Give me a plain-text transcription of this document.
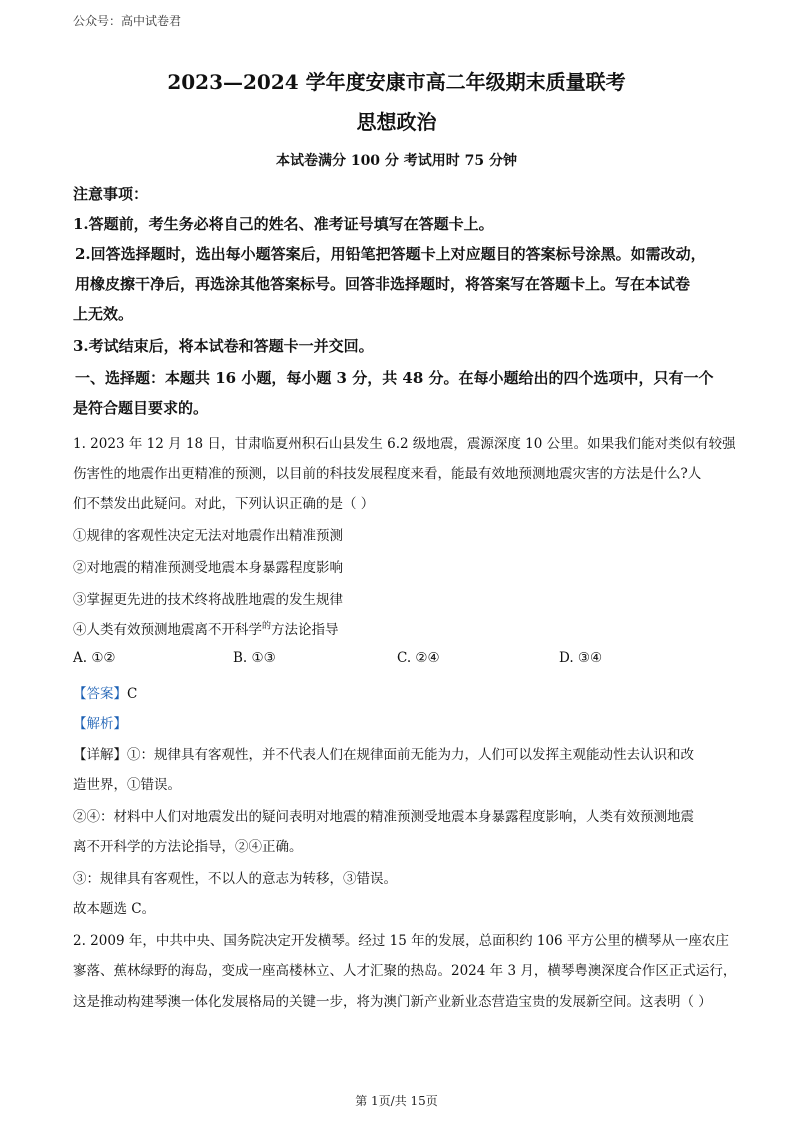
公众号：高中试卷君
2023—2024 学年度安康市高二年级期末质量联考
思想政治
本试卷满分 100 分 考试用时 75 分钟
注意事项：
1.答题前，考生务必将自己的姓名、准考证号填写在答题卡上。
2.回答选择题时，选出每小题答案后，用铅笔把答题卡上对应题目的答案标号涂黑。如需改动，
用橡皮擦干净后，再选涂其他答案标号。回答非选择题时，将答案写在答题卡上。写在本试卷
上无效。
3.考试结束后，将本试卷和答题卡一并交回。
一、选择题：本题共 16 小题，每小题 3 分，共 48 分。在每小题给出的四个选项中，只有一个
是符合题目要求的。
1. 2023 年 12 月 18 日，甘肃临夏州积石山县发生 6.2 级地震，震源深度 10 公里。如果我们能对类似有较强
伤害性的地震作出更精准的预测，以目前的科技发展程度来看，能最有效地预测地震灾害的方法是什么?人
们不禁发出此疑问。对此，下列认识正确的是（ ）
①规律的客观性决定无法对地震作出精准预测
②对地震的精准预测受地震本身暴露程度影响
③掌握更先进的技术终将战胜地震的发生规律
④人类有效预测地震离不开科学$^的$方法论指导
A. ①②	B. ①③	C. ②④	D. ③④
【答案】C
【解析】
【详解】①：规律具有客观性，并不代表人们在规律面前无能为力，人们可以发挥主观能动性去认识和改
造世界，①错误。
②④：材料中人们对地震发出的疑问表明对地震的精准预测受地震本身暴露程度影响，人类有效预测地震
离不开科学的方法论指导，②④正确。
③：规律具有客观性，不以人的意志为转移，③错误。
故本题选 C。
2. 2009 年，中共中央、国务院决定开发横琴。经过 15 年的发展，总面积约 106 平方公里的横琴从一座农庄
寥落、蕉林绿野的海岛，变成一座高楼林立、人才汇聚的热岛。2024 年 3 月，横琴粤澳深度合作区正式运行，
这是推动构建琴澳一体化发展格局的关键一步，将为澳门新产业新业态营造宝贵的发展新空间。这表明（ ）
第 1页/共 15页
